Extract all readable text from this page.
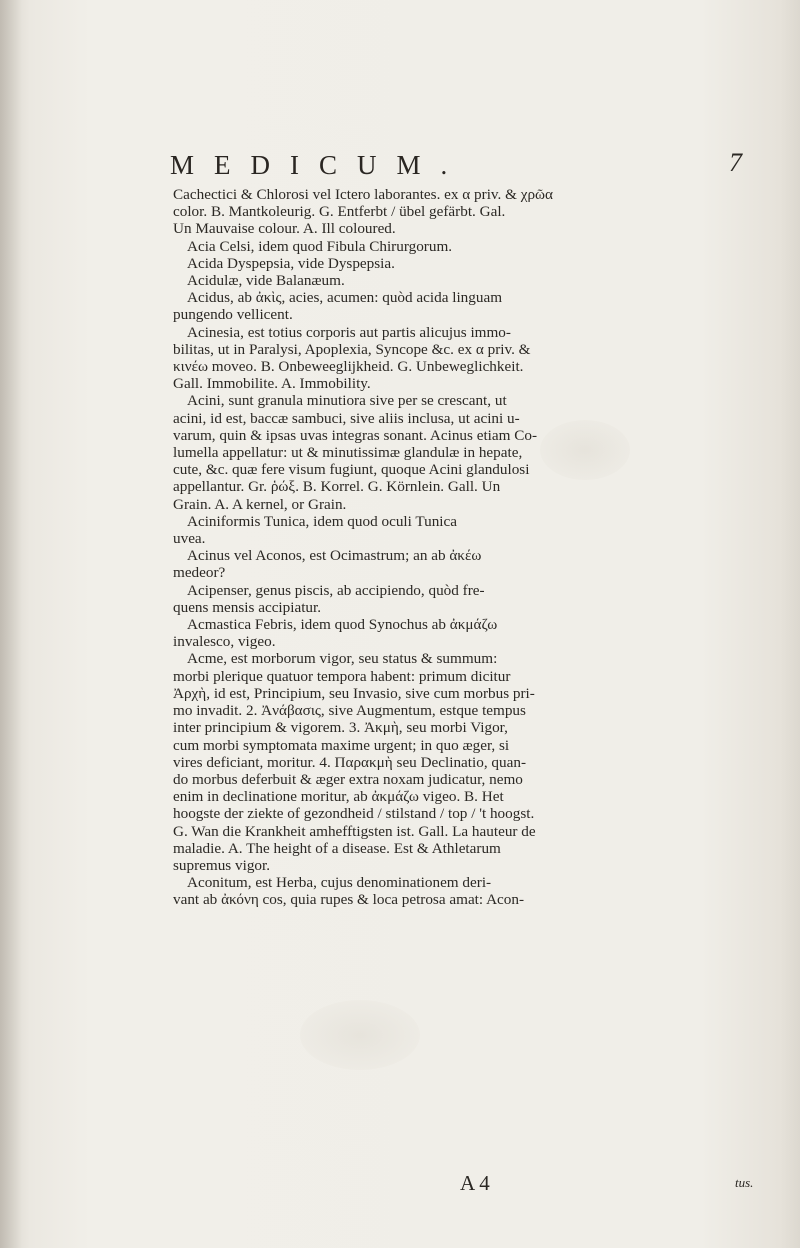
MEDICUM.	7
Cachectici & Chlorosi vel Ictero laborantes. ex α priv. & χρῶα
color. B. Mantkoleurig. G. Entferbt / übel gefärbt. Gal.
Un Mauvaise colour. A. Ill coloured.
Acia Celsi, idem quod Fibula Chirurgorum.
Acida Dyspepsia, vide Dyspepsia.
Acidulæ, vide Balanæum.
Acidus, ab ἀκὶς, acies, acumen: quòd acida linguam
pungendo vellicent.
Acinesia, est totius corporis aut partis alicujus immo-
bilitas, ut in Paralysi, Apoplexia, Syncope &c. ex α priv. &
κινέω moveo. B. Onbeweeglijkheid. G. Unbeweglichkeit.
Gall. Immobilite. A. Immobility.
Acini, sunt granula minutiora sive per se crescant, ut
acini, id est, baccæ sambuci, sive aliis inclusa, ut acini u-
varum, quin & ipsas uvas integras sonant. Acinus etiam Co-
lumella appellatur: ut & minutissimæ glandulæ in hepate,
cute, &c. quæ fere visum fugiunt, quoque Acini glandulosi
appellantur. Gr. ῥώξ. B. Korrel. G. Körnlein. Gall. Un
Grain. A. A kernel, or Grain.
Aciniformis Tunica, idem quod oculi Tunica
uvea.
Acinus vel Aconos, est Ocimastrum; an ab ἀκέω
medeor?
Acipenser, genus piscis, ab accipiendo, quòd fre-
quens mensis accipiatur.
Acmastica Febris, idem quod Synochus ab ἀκμάζω
invalesco, vigeo.
Acme, est morborum vigor, seu status & summum:
morbi plerique quatuor tempora habent: primum dicitur
Ἀρχὴ, id est, Principium, seu Invasio, sive cum morbus pri-
mo invadit. 2. Ἀνάβασις, sive Augmentum, estque tempus
inter principium & vigorem. 3. Ἀκμὴ, seu morbi Vigor,
cum morbi symptomata maxime urgent; in quo æger, si
vires deficiant, moritur. 4. Παρακμὴ seu Declinatio, quan-
do morbus deferbuit & æger extra noxam judicatur, nemo
enim in declinatione moritur, ab ἀκμάζω vigeo. B. Het
hoogste der ziekte of gezondheid / stilstand / top / 't hoogst.
G. Wan die Krankheit amhefftigsten ist. Gall. La hauteur de
maladie. A. The height of a disease. Est & Athletarum
supremus vigor.
Aconitum, est Herba, cujus denominationem deri-
vant ab ἀκόνη cos, quia rupes & loca petrosa amat: Acon-
A 4	tus.
